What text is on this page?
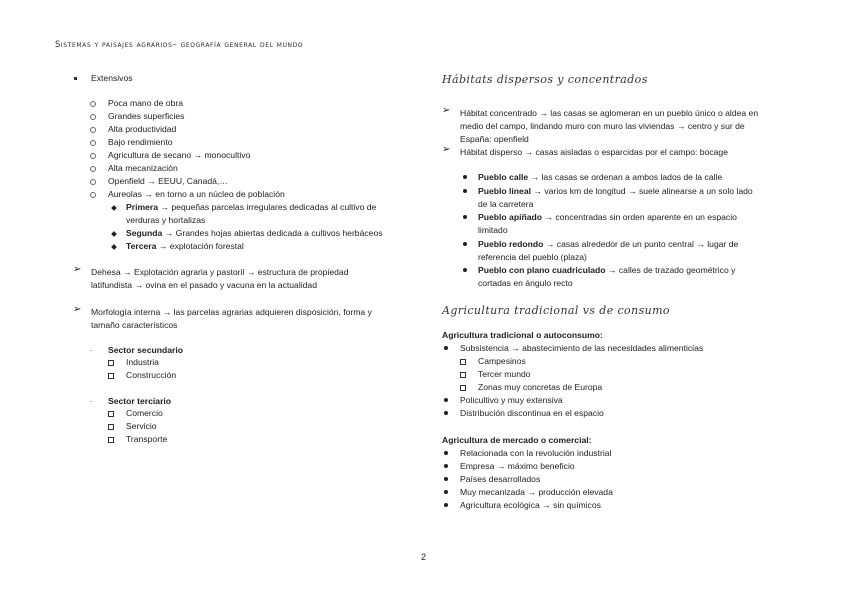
Sistemas y paisajes agrarios– geografía general del mundo
Extensivos
Poca mano de obra
Grandes superficies
Alta productividad
Bajo rendimiento
Agricultura de secano → monocultivo
Alta mecanización
Openfield → EEUU, Canadá,…
Aureolas → en torno a un núcleo de población
Primera → pequeñas parcelas irregulares dedicadas al cultivo de
verduras y hortalizas
Segunda → Grandes hojas abiertas dedicada a cultivos herbáceos
Tercera → explotación forestal
➢ Dehesa → Explotación agraria y pastoril → estructura de propiedad
latifundista → ovina en el pasado y vacuna en la actualidad
➢ Morfología interna → las parcelas agrarias adquieren disposición, forma y
tamaño característicos
. Sector secundario
Industria
Construcción
. Sector terciario
Comercio
Servicio
Transporte
Hábitats dispersos y concentrados
➢ Hábitat concentrado → las casas se aglomeran en un pueblo único o aldea en
medio del campo, lindando muro con muro las viviendas → centro y sur de
España: openfield
➢ Hábitat disperso → casas aisladas o esparcidas por el campo: bocage
Pueblo calle → las casas se ordenan a ambos lados de la calle
Pueblo lineal → varios km de longitud → suele alinearse a un solo lado
de la carretera
Pueblo apiñado → concentradas sin orden aparente en un espacio
limitado
Pueblo redondo → casas alrededor de un punto central → lugar de
referencia del pueblo (plaza)
Pueblo con plano cuadriculado → calles de trazado geométrico y
cortadas en ángulo recto
Agricultura tradicional vs de consumo
Agricultura tradicional o autoconsumo:
Subsistencia → abastecimiento de las necesidades alimenticias
Campesinos
Tercer mundo
Zonas muy concretas de Europa
Policultivo y muy extensiva
Distribución discontinua en el espacio
Agricultura de mercado o comercial:
Relacionada con la revolución industrial
Empresa → máximo beneficio
Países desarrollados
Muy mecanizada → producción elevada
Agricultura ecológica → sin químicos
2
